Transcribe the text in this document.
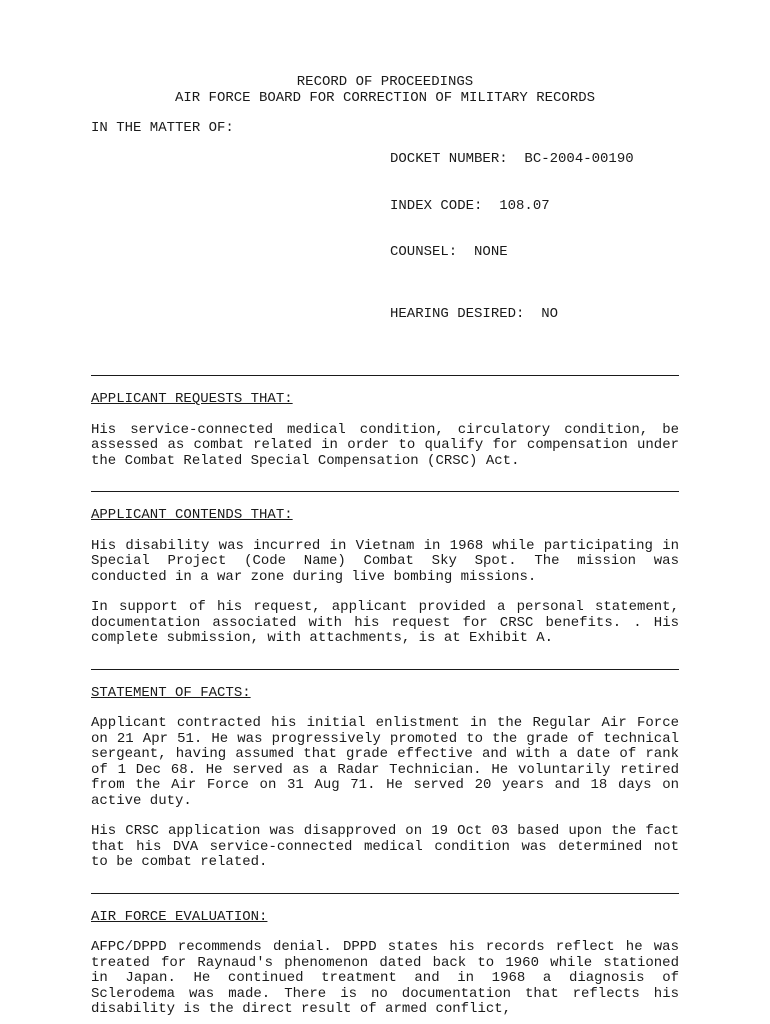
RECORD OF PROCEEDINGS
AIR FORCE BOARD FOR CORRECTION OF MILITARY RECORDS
IN THE MATTER OF:

DOCKET NUMBER:  BC-2004-00190

INDEX CODE:  108.07

COUNSEL:  NONE

HEARING DESIRED:  NO

APPLICANT REQUESTS THAT:

His service-connected medical condition, circulatory condition, be assessed as combat related in order to qualify for compensation under the Combat Related Special Compensation (CRSC) Act.

APPLICANT CONTENDS THAT:

His disability was incurred in Vietnam in 1968 while participating in Special Project (Code Name) Combat Sky Spot. The mission was conducted in a war zone during live bombing missions.

In support of his request, applicant provided a personal statement, documentation associated with his request for CRSC benefits. . His complete submission, with attachments, is at Exhibit A.

STATEMENT OF FACTS:

Applicant contracted his initial enlistment in the Regular Air Force on 21 Apr 51. He was progressively promoted to the grade of technical sergeant, having assumed that grade effective and with a date of rank of 1 Dec 68. He served as a Radar Technician. He voluntarily retired from the Air Force on 31 Aug 71. He served 20 years and 18 days on active duty.

His CRSC application was disapproved on 19 Oct 03 based upon the fact that his DVA service-connected medical condition was determined not to be combat related.

AIR FORCE EVALUATION:

AFPC/DPPD recommends denial. DPPD states his records reflect he was treated for Raynaud's phenomenon dated back to 1960 while stationed in Japan. He continued treatment and in 1968 a diagnosis of Sclerodema was made. There is no documentation that reflects his disability is the direct result of armed conflict,
